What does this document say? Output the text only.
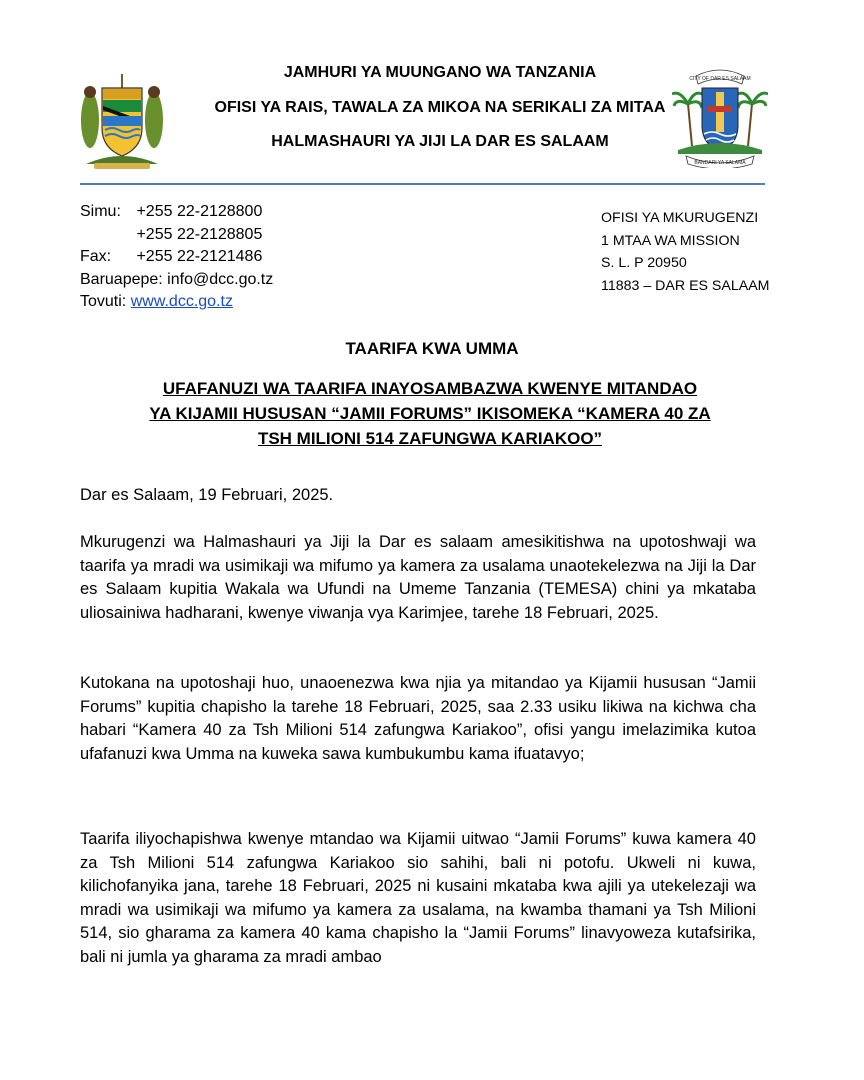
CITY OF DAR ES SALAAM
BANDARI YA SALAMA
JAMHURI YA MUUNGANO WA TANZANIA
OFISI YA RAIS, TAWALA ZA MIKOA NA SERIKALI ZA MITAA
HALMASHAURI YA JIJI LA DAR ES SALAAM
Simu: +255 22-2128800
+255 22-2128805
Fax: +255 22-2121486
Baruapepe: info@dcc.go.tz
Tovuti: www.dcc.go.tz
OFISI YA MKURUGENZI
1 MTAA WA MISSION
S. L. P 20950
11883 – DAR ES SALAAM
TAARIFA KWA UMMA
UFAFANUZI WA TAARIFA INAYOSAMBAZWA KWENYE MITANDAO
YA KIJAMII HUSUSAN “JAMII FORUMS” IKISOMEKA “KAMERA 40 ZA
TSH MILIONI 514 ZAFUNGWA KARIAKOO”
Dar es Salaam, 19 Februari, 2025.
Mkurugenzi wa Halmashauri ya Jiji la Dar es salaam amesikitishwa na upotoshwaji wa taarifa ya mradi wa usimikaji wa mifumo ya kamera za usalama unaotekelezwa na Jiji la Dar es Salaam kupitia Wakala wa Ufundi na Umeme Tanzania (TEMESA) chini ya mkataba uliosainiwa hadharani, kwenye viwanja vya Karimjee, tarehe 18 Februari, 2025.
Kutokana na upotoshaji huo, unaoenezwa kwa njia ya mitandao ya Kijamii hususan “Jamii Forums” kupitia chapisho la tarehe 18 Februari, 2025, saa 2.33 usiku likiwa na kichwa cha habari “Kamera 40 za Tsh Milioni 514 zafungwa Kariakoo”, ofisi yangu imelazimika kutoa ufafanuzi kwa Umma na kuweka sawa kumbukumbu kama ifuatavyo;
Taarifa iliyochapishwa kwenye mtandao wa Kijamii uitwao “Jamii Forums” kuwa kamera 40 za Tsh Milioni 514 zafungwa Kariakoo sio sahihi, bali ni potofu. Ukweli ni kuwa, kilichofanyika jana, tarehe 18 Februari, 2025 ni kusaini mkataba kwa ajili ya utekelezaji wa mradi wa usimikaji wa mifumo ya kamera za usalama, na kwamba thamani ya Tsh Milioni 514, sio gharama za kamera 40 kama chapisho la “Jamii Forums” linavyoweza kutafsirika, bali ni jumla ya gharama za mradi ambao
